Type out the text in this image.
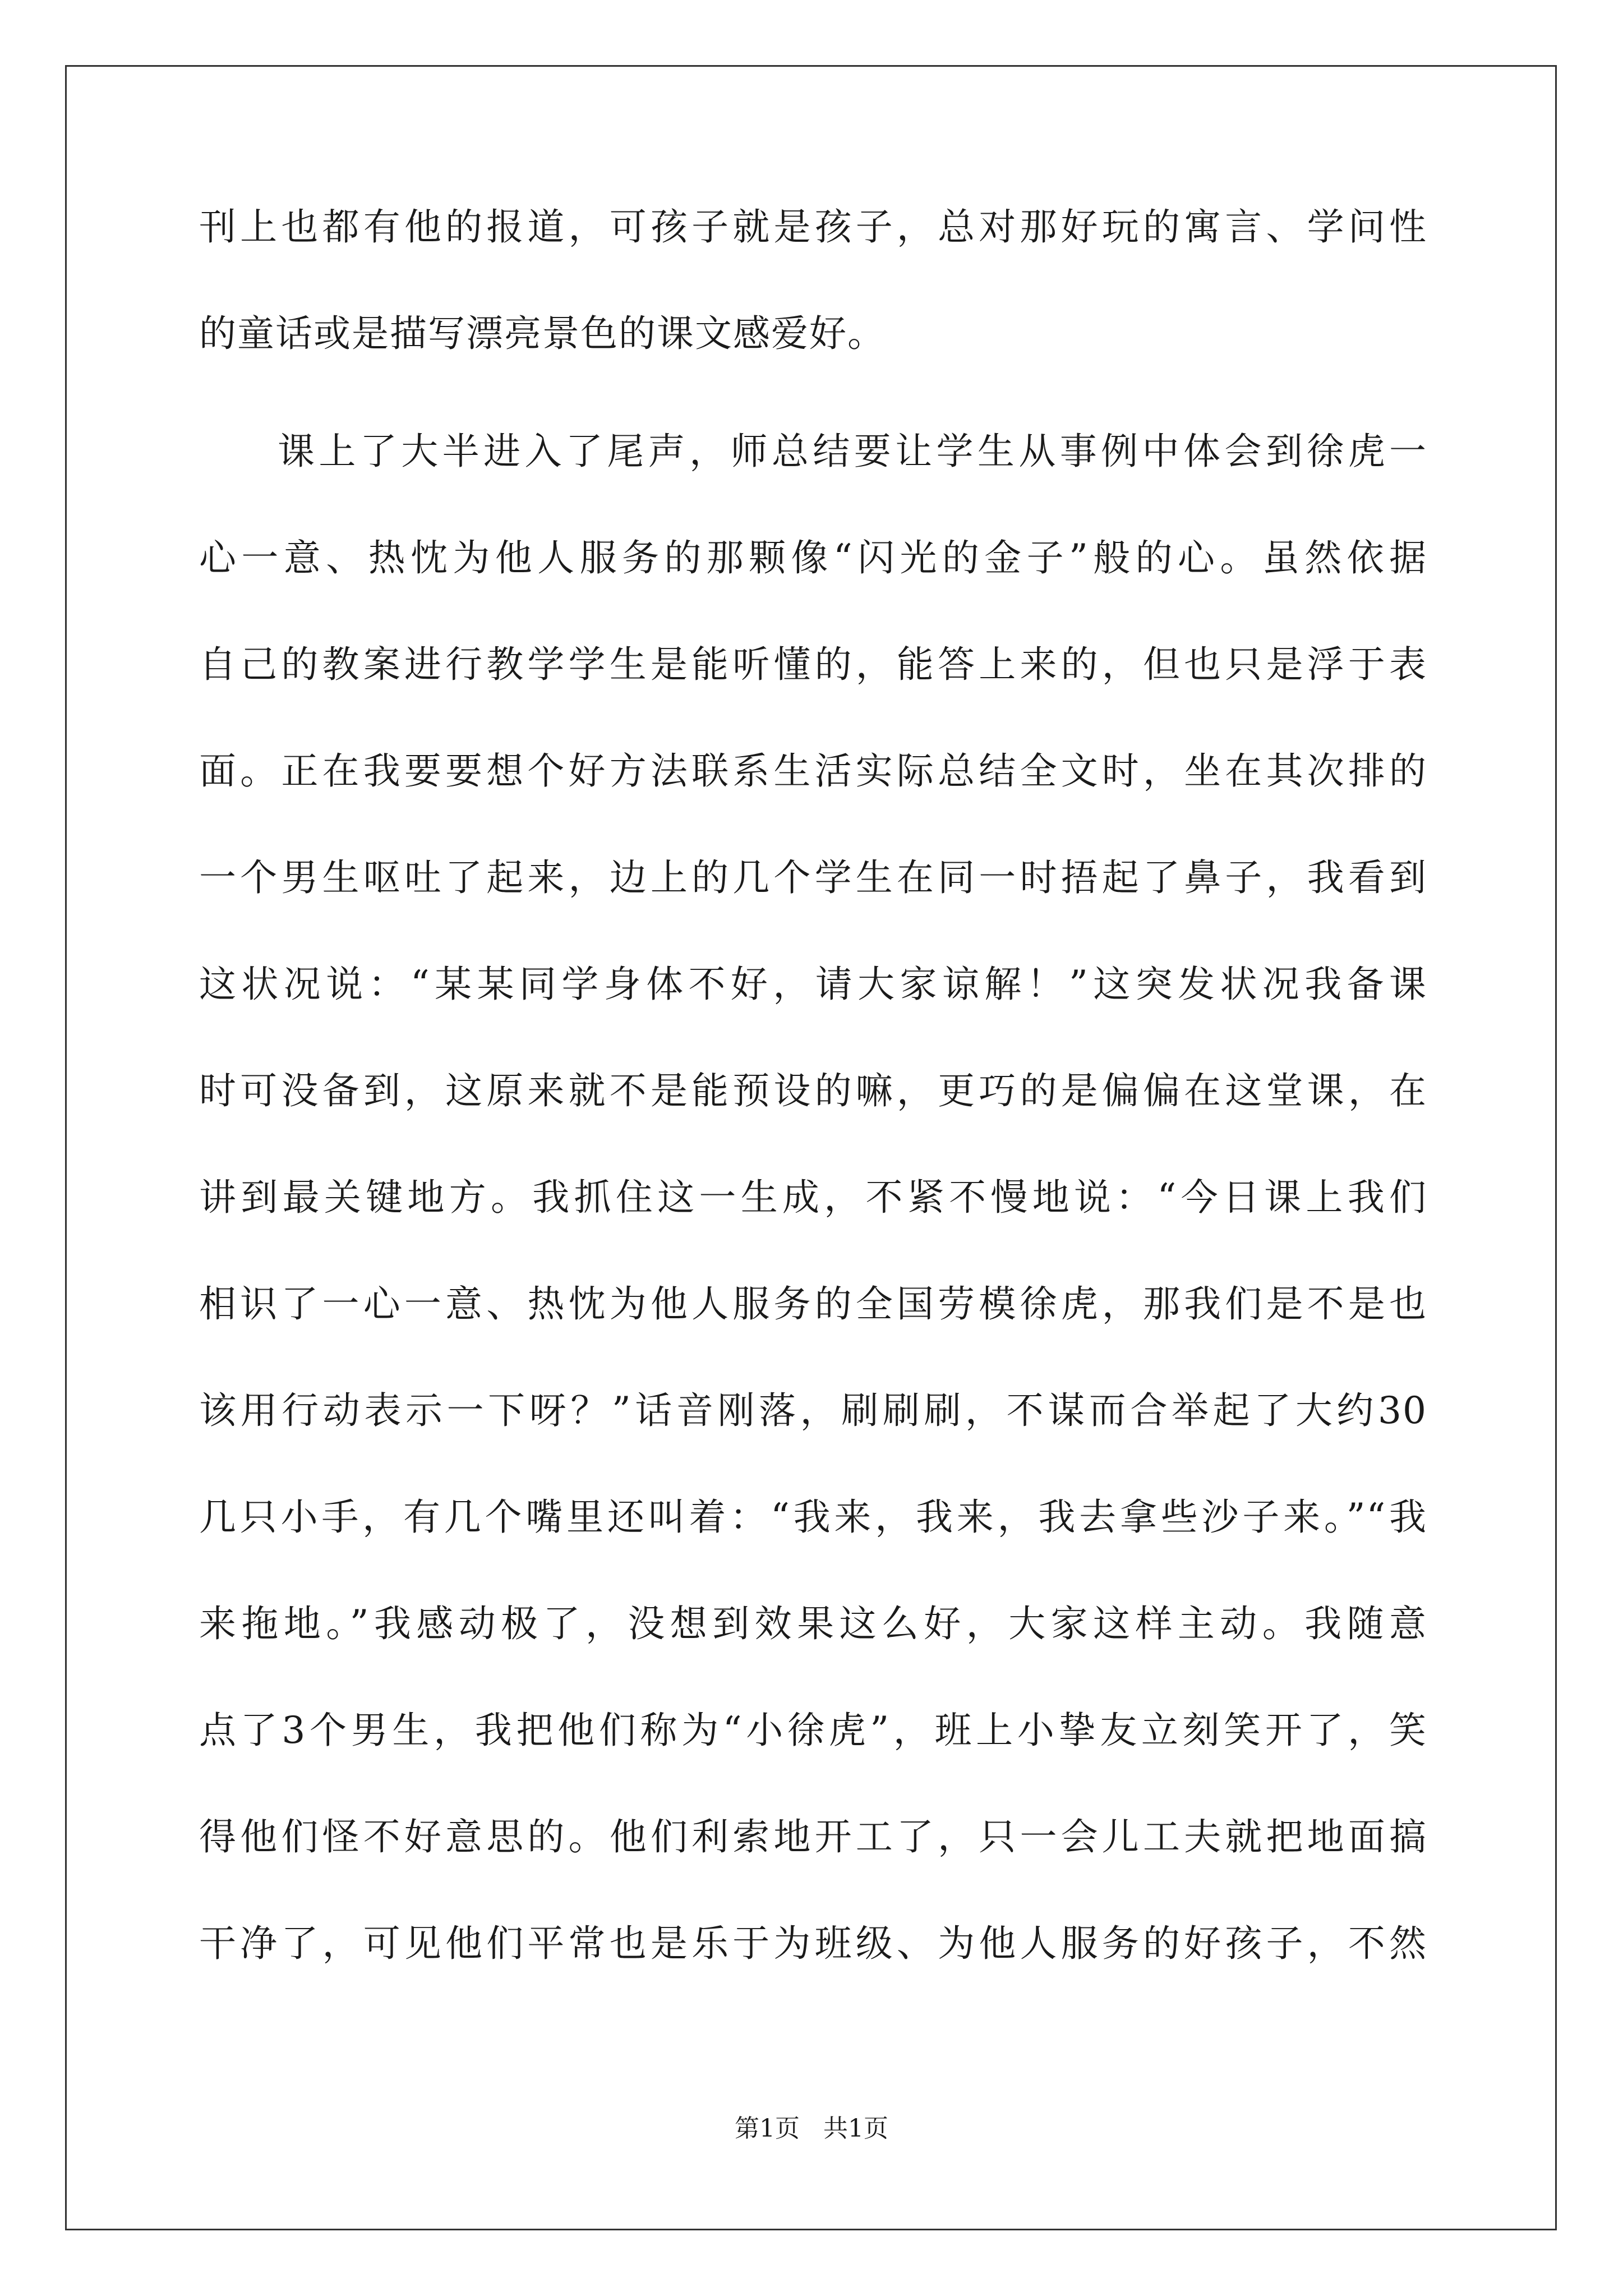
刊上也都有他的报道，可孩子就是孩子，总对那好玩的寓言、学问性
的童话或是描写漂亮景色的课文感爱好。
课上了大半进入了尾声，师总结要让学生从事例中体会到徐虎一
心一意、热忱为他人服务的那颗像“闪光的金子”般的心。虽然依据
自己的教案进行教学学生是能听懂的，能答上来的，但也只是浮于表
面。正在我要要想个好方法联系生活实际总结全文时，坐在其次排的
一个男生呕吐了起来，边上的几个学生在同一时捂起了鼻子，我看到
这状况说：“某某同学身体不好，请大家谅解！”这突发状况我备课
时可没备到，这原来就不是能预设的嘛，更巧的是偏偏在这堂课，在
讲到最关键地方。我抓住这一生成，不紧不慢地说：“今日课上我们
相识了一心一意、热忱为他人服务的全国劳模徐虎，那我们是不是也
该用行动表示一下呀？”话音刚落，刷刷刷，不谋而合举起了大约30
几只小手，有几个嘴里还叫着：“我来，我来，我去拿些沙子来。”“我
来拖地。”我感动极了，没想到效果这么好，大家这样主动。我随意
点了3个男生，我把他们称为“小徐虎”，班上小挚友立刻笑开了，笑
得他们怪不好意思的。他们利索地开工了，只一会儿工夫就把地面搞
干净了，可见他们平常也是乐于为班级、为他人服务的好孩子，不然
第1页   共1页
